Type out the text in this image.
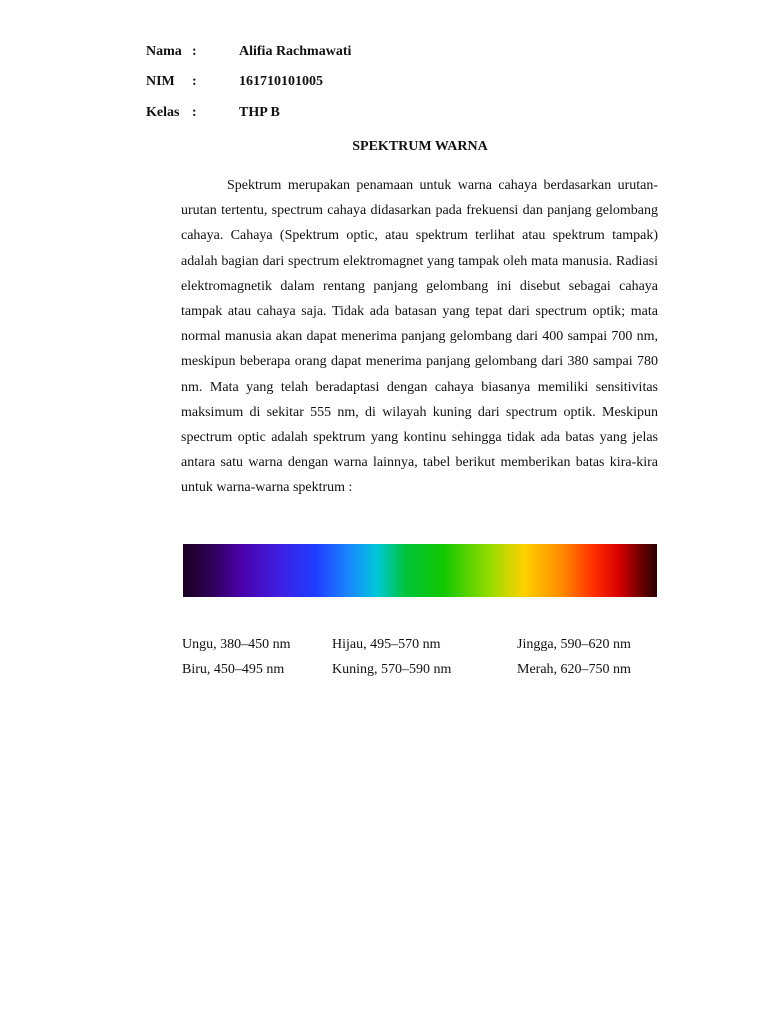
Nama :	Alifia Rachmawati
NIM :	161710101005
Kelas :	THP B
SPEKTRUM WARNA

Spektrum merupakan penamaan untuk warna cahaya berdasarkan urutan-urutan tertentu, spectrum cahaya didasarkan pada frekuensi dan panjang gelombang cahaya. Cahaya (Spektrum optic, atau spektrum terlihat atau spektrum tampak) adalah bagian dari spectrum elektromagnet yang tampak oleh mata manusia. Radiasi elektromagnetik dalam rentang panjang gelombang ini disebut sebagai cahaya tampak atau cahaya saja. Tidak ada batasan yang tepat dari spectrum optik; mata normal manusia akan dapat menerima panjang gelombang dari 400 sampai 700 nm, meskipun beberapa orang dapat menerima panjang gelombang dari 380 sampai 780 nm. Mata yang telah beradaptasi dengan cahaya biasanya memiliki sensitivitas maksimum di sekitar 555 nm, di wilayah kuning dari spectrum optik. Meskipun spectrum optic adalah spektrum yang kontinu sehingga tidak ada batas yang jelas antara satu warna dengan warna lainnya, tabel berikut memberikan batas kira-kira untuk warna-warna spektrum :

Ungu, 380–450 nm	Hijau, 495–570 nm	Jingga, 590–620 nm
Biru, 450–495 nm	Kuning, 570–590 nm	Merah, 620–750 nm
